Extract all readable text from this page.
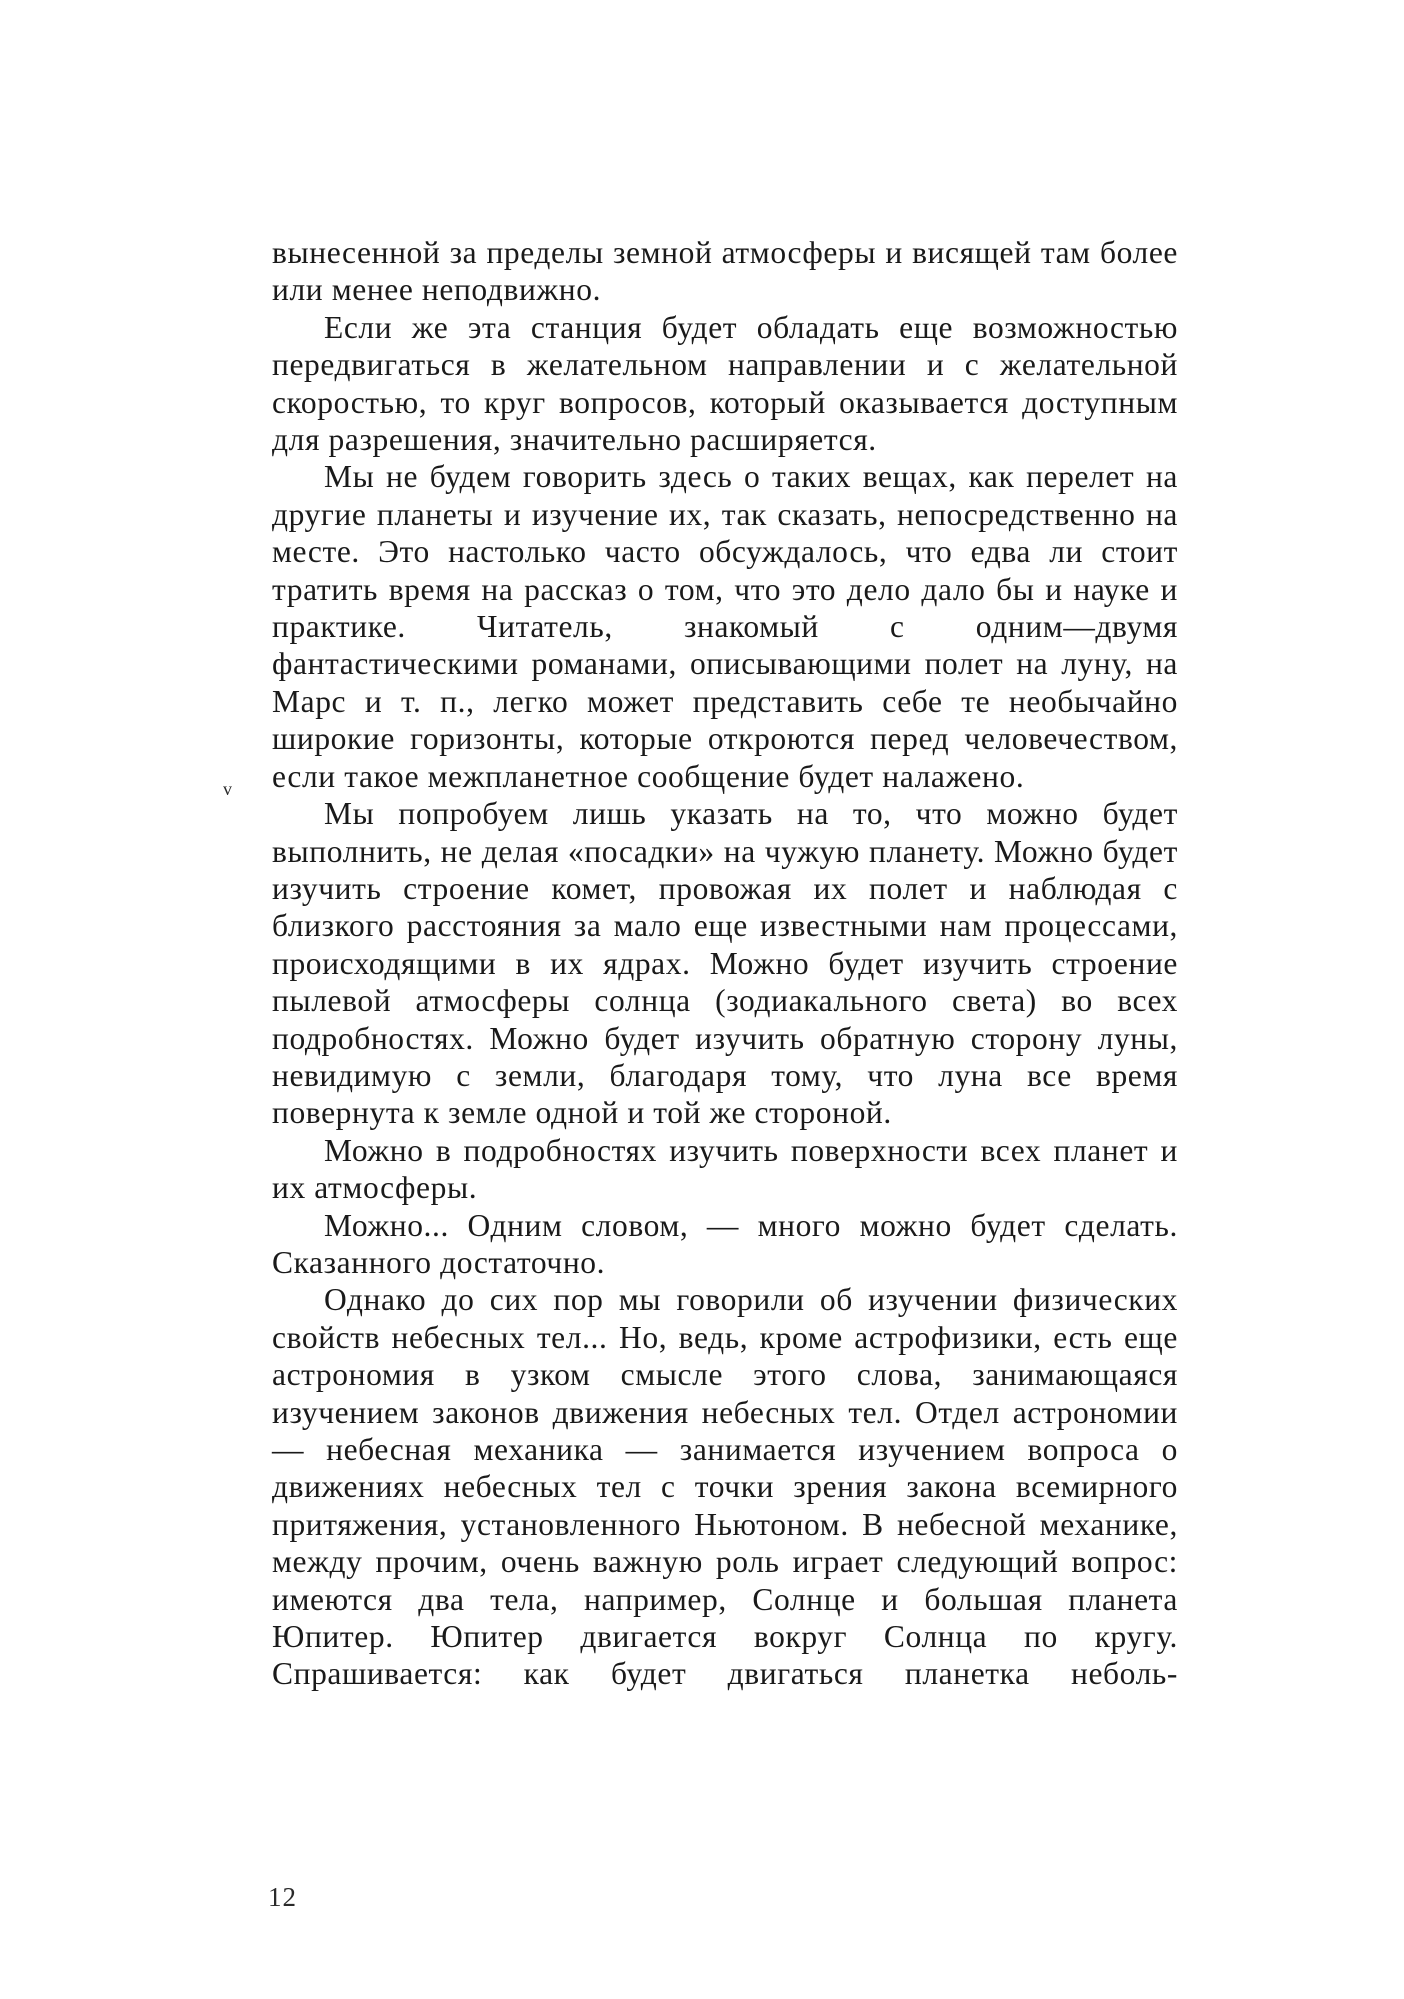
вынесенной за пределы земной атмосферы и висящей там более или менее неподвижно.

Если же эта станция будет обладать еще возможностью передвигаться в желательном направлении и с желательной скоростью, то круг вопросов, который оказывается доступным для разрешения, значительно расширяется.

Мы не будем говорить здесь о таких вещах, как перелет на другие планеты и изучение их, так сказать, непосредственно на месте. Это настолько часто обсуждалось, что едва ли стоит тратить время на рассказ о том, что это дело дало бы и науке и практике. Читатель, знакомый с одним—двумя фантастическими романами, описывающими полет на луну, на Марс и т. п., легко может представить себе те необычайно широкие горизонты, которые откроются перед человечеством, если такое межпланетное сообщение будет налажено.

Мы попробуем лишь указать на то, что можно будет выполнить, не делая «посадки» на чужую планету. Можно будет изучить строение комет, провожая их полет и наблюдая с близкого расстояния за мало еще известными нам процессами, происходящими в их ядрах. Можно будет изучить строение пылевой атмосферы солнца (зодиакального света) во всех подробностях. Можно будет изучить обратную сторону луны, невидимую с земли, благодаря тому, что луна все время повернута к земле одной и той же стороной.

Можно в подробностях изучить поверхности всех планет и их атмосферы.

Можно... Одним словом, — много можно будет сделать. Сказанного достаточно.

Однако до сих пор мы говорили об изучении физических свойств небесных тел... Но, ведь, кроме астрофизики, есть еще астрономия в узком смысле этого слова, занимающаяся изучением законов движения небесных тел. Отдел астрономии — небесная механика — занимается изучением вопроса о движениях небесных тел с точки зрения закона всемирного притяжения, установленного Ньютоном. В небесной механике, между прочим, очень важную роль играет следующий вопрос: имеются два тела, например, Солнце и большая планета Юпитер. Юпитер двигается вокруг Солнца по кругу. Спрашивается: как будет двигаться планетка неболь-

v
12
